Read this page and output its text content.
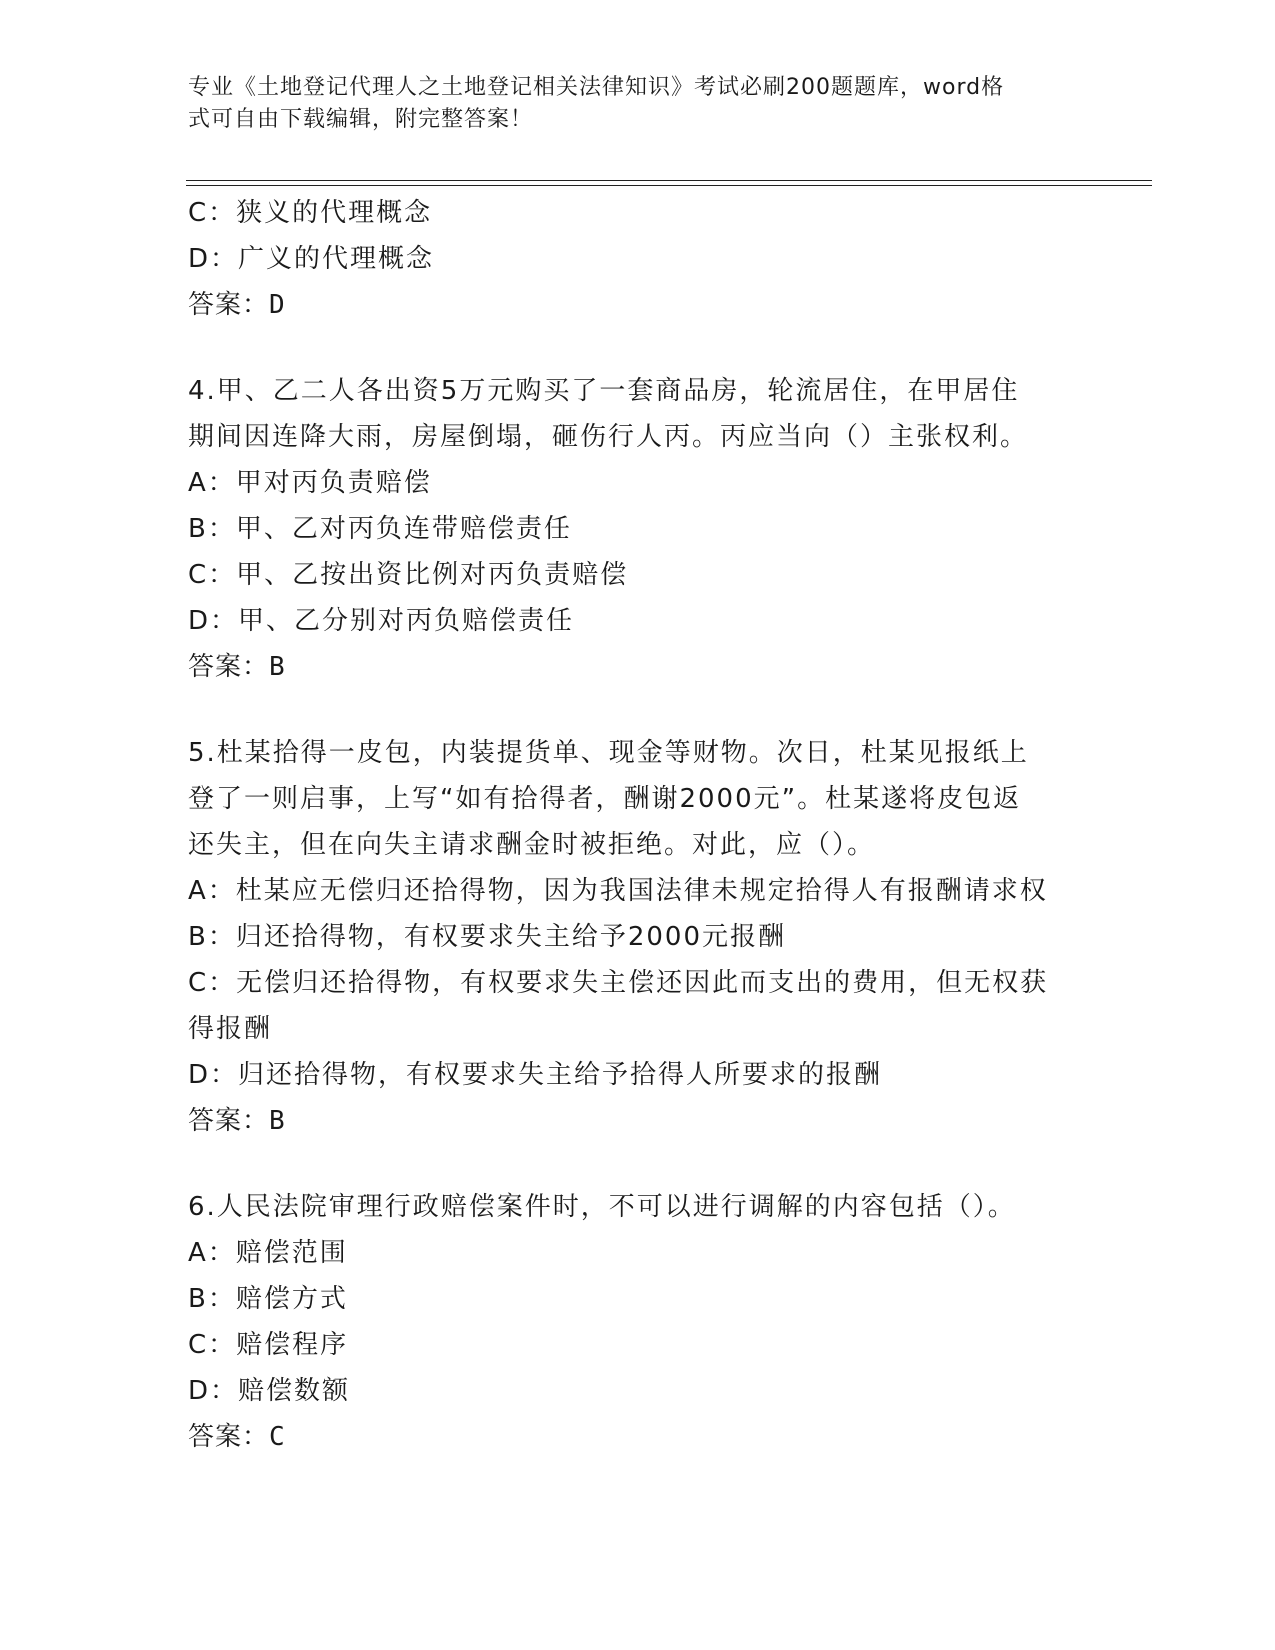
专业《土地登记代理人之土地登记相关法律知识》考试必刷200题题库，word格
式可自由下载编辑，附完整答案！
C：狭义的代理概念
D：广义的代理概念
答案：D
4.甲、乙二人各出资5万元购买了一套商品房，轮流居住，在甲居住
期间因连降大雨，房屋倒塌，砸伤行人丙。丙应当向（）主张权利。
A：甲对丙负责赔偿
B：甲、乙对丙负连带赔偿责任
C：甲、乙按出资比例对丙负责赔偿
D：甲、乙分别对丙负赔偿责任
答案：B
5.杜某拾得一皮包，内装提货单、现金等财物。次日，杜某见报纸上
登了一则启事，上写“如有拾得者，酬谢2000元”。杜某遂将皮包返
还失主，但在向失主请求酬金时被拒绝。对此，应（）。
A：杜某应无偿归还拾得物，因为我国法律未规定拾得人有报酬请求权
B：归还拾得物，有权要求失主给予2000元报酬
C：无偿归还拾得物，有权要求失主偿还因此而支出的费用，但无权获
得报酬
D：归还拾得物，有权要求失主给予拾得人所要求的报酬
答案：B
6.人民法院审理行政赔偿案件时，不可以进行调解的内容包括（）。
A：赔偿范围
B：赔偿方式
C：赔偿程序
D：赔偿数额
答案：C
